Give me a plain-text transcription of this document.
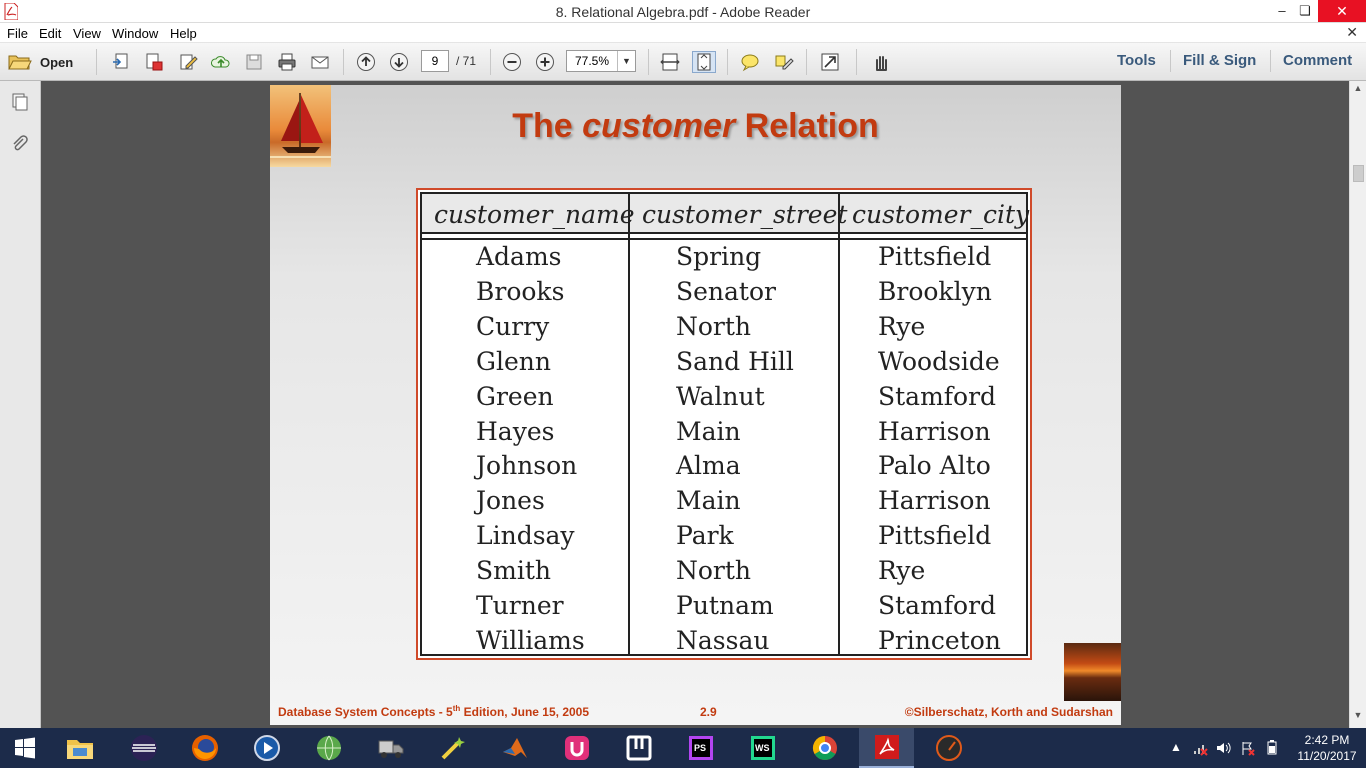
8. Relational Algebra.pdf - Adobe Reader	–	❏	✕
File Edit View Window Help	✕
Open	9	/ 71	77.5%	▼	Tools Fill & Sign Comment
The customer Relation
customer_name customer_street customer_city
Adams	Spring	Pittsfield
Brooks	Senator	Brooklyn
Curry	North	Rye
Glenn	Sand Hill	Woodside
Green	Walnut	Stamford
Hayes	Main	Harrison
Johnson	Alma	Palo Alto
Jones	Main	Harrison
Lindsay	Park	Pittsfield
Smith	North	Rye
Turner	Putnam	Stamford
Williams	Nassau	Princeton
Database System Concepts - 5th Edition, June 15, 2005	2.9	©Silberschatz, Korth and Sudarshan
▲
▼
PS	WS	▲	2:42 PM
11/20/2017
